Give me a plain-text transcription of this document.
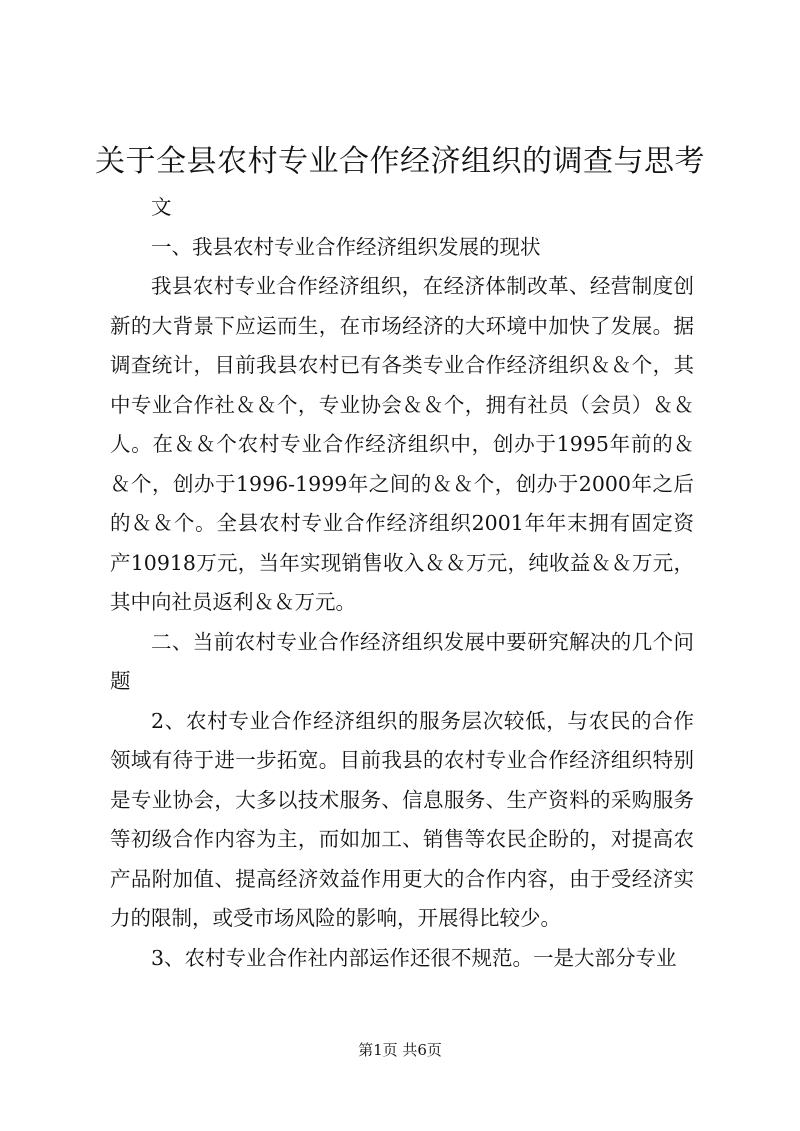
关于全县农村专业合作经济组织的调查与思考

文

一、我县农村专业合作经济组织发展的现状

我县农村专业合作经济组织，在经济体制改革、经营制度创新的大背景下应运而生，在市场经济的大环境中加快了发展。据调查统计，目前我县农村已有各类专业合作经济组织＆＆个，其中专业合作社＆＆个，专业协会＆＆个，拥有社员（会员）＆＆人。在＆＆个农村专业合作经济组织中，创办于1995年前的＆＆个，创办于1996-1999年之间的＆＆个，创办于2000年之后的＆＆个。全县农村专业合作经济组织2001年年末拥有固定资产10918万元，当年实现销售收入＆＆万元，纯收益＆＆万元，其中向社员返利＆＆万元。

二、当前农村专业合作经济组织发展中要研究解决的几个问题

2、农村专业合作经济组织的服务层次较低，与农民的合作领域有待于进一步拓宽。目前我县的农村专业合作经济组织特别是专业协会，大多以技术服务、信息服务、生产资料的采购服务等初级合作内容为主，而如加工、销售等农民企盼的，对提高农产品附加值、提高经济效益作用更大的合作内容，由于受经济实力的限制，或受市场风险的影响，开展得比较少。

3、农村专业合作社内部运作还很不规范。一是大部分专业

第1页 共6页
